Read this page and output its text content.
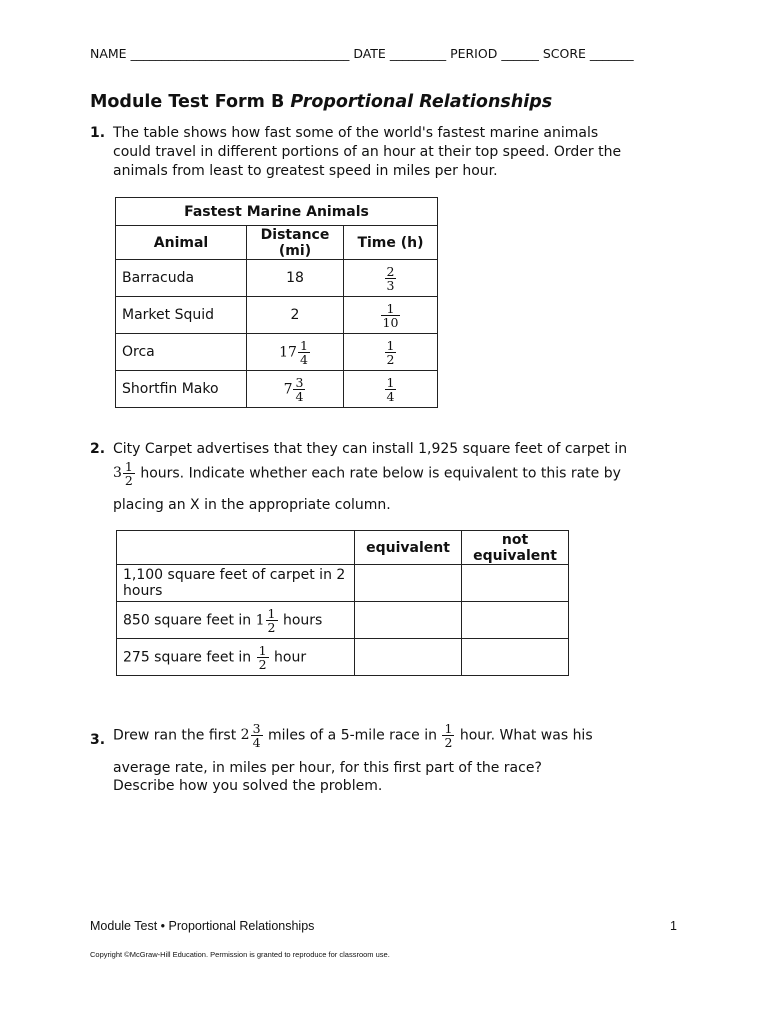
NAME ___________________________________ DATE _________ PERIOD ______ SCORE _______
Module Test Form B Proportional Relationships
1. The table shows how fast some of the world's fastest marine animals could travel in different portions of an hour at their top speed. Order the animals from least to greatest speed in miles per hour.
Fastest Marine Animals		
Animal	Distance (mi)	Time (h)
Barracuda	18	$\frac{2}{3}$

Market Squid	2	$\frac{1}{10}$

Orca	$17 \frac{1}{4}$	$\frac{1}{2}$

Shortfin Mako	$7 \frac{3}{4}$	$\frac{1}{4}$
2. City Carpet advertises that they can install 1,925 square feet of carpet in
$3 \frac{1}{2}$ hours. Indicate whether each rate below is equivalent to this rate by
placing an X in the appropriate column.
	equivalent	not equivalent
1,100 square feet of carpet in 2 hours		
850 square feet in $1 \frac{1}{2}$ hours		
275 square feet in $\frac{1}{2}$ hour		
3. Drew ran the first $2 \frac{3}{4}$ miles of a 5-mile race in $\frac{1}{2}$ hour. What was his
average rate, in miles per hour, for this first part of the race?
Describe how you solved the problem.
Module Test • Proportional Relationships	1
Copyright ©McGraw-Hill Education. Permission is granted to reproduce for classroom use.
